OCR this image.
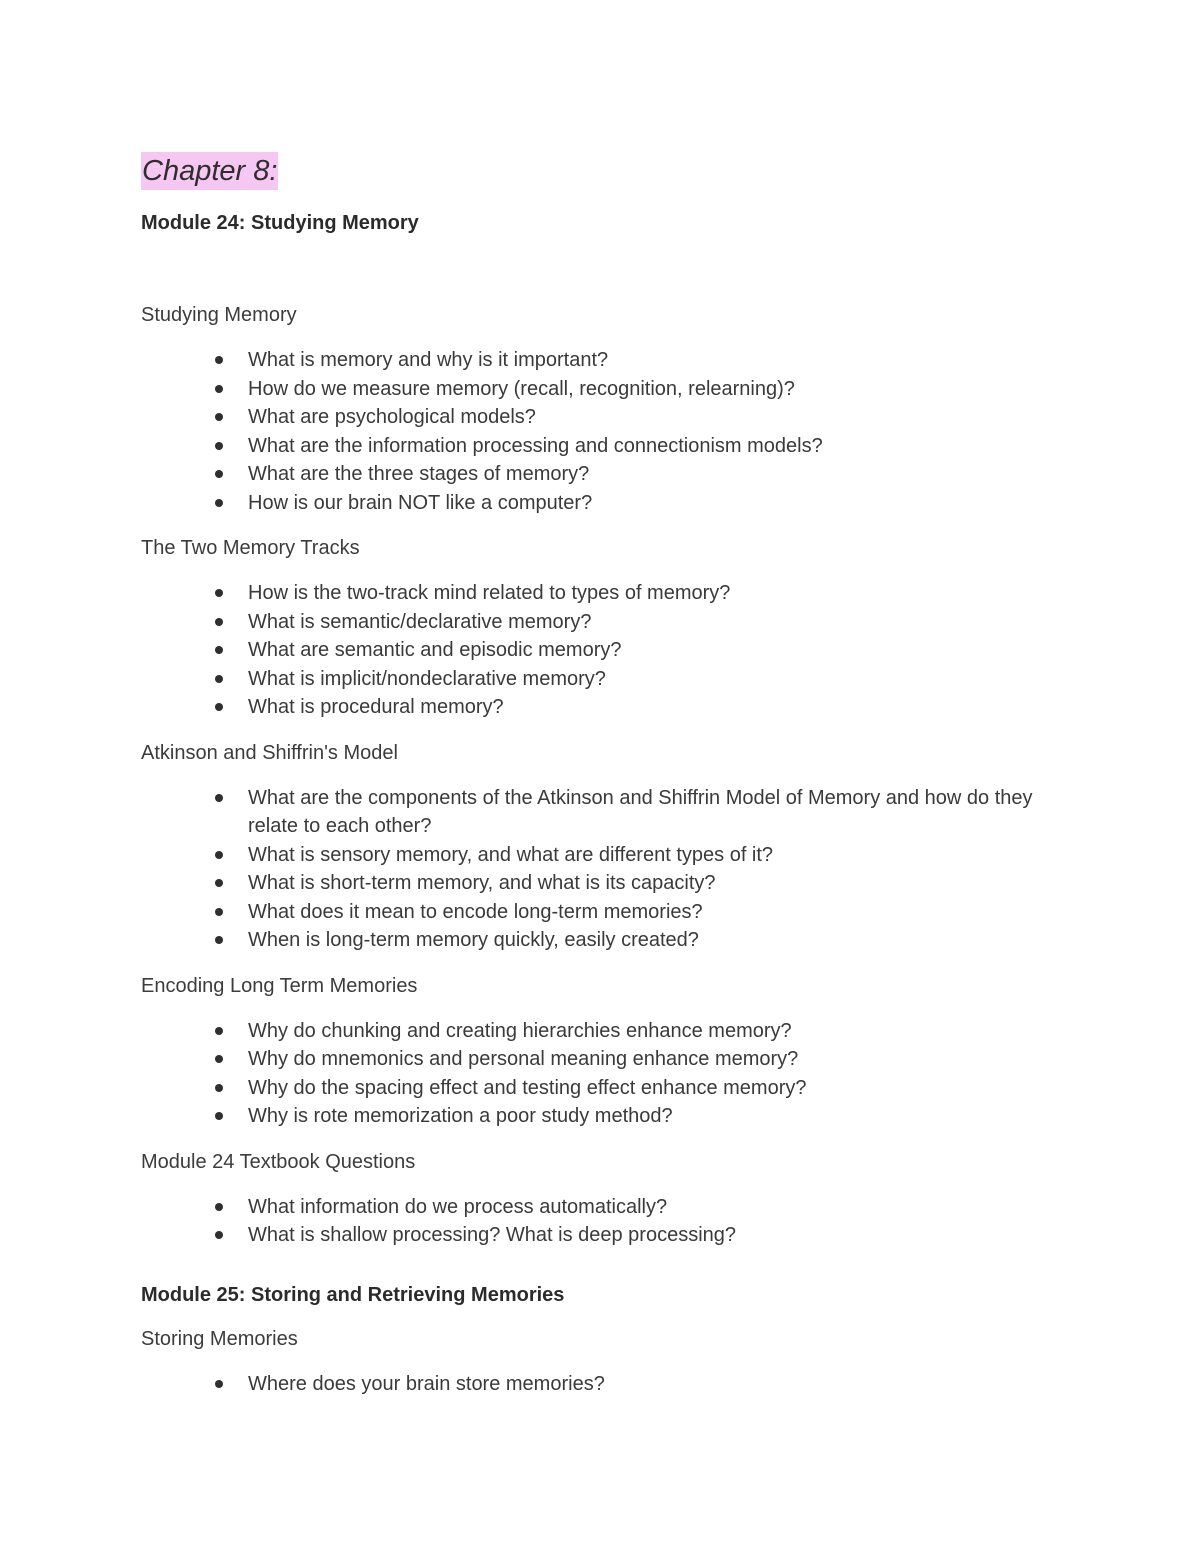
Chapter 8:
Module 24: Studying Memory
Studying Memory
What is memory and why is it important?
How do we measure memory (recall, recognition, relearning)?
What are psychological models?
What are the information processing and connectionism models?
What are the three stages of memory?
How is our brain NOT like a computer?
The Two Memory Tracks
How is the two-track mind related to types of memory?
What is semantic/declarative memory?
What are semantic and episodic memory?
What is implicit/nondeclarative memory?
What is procedural memory?
Atkinson and Shiffrin's Model
What are the components of the Atkinson and Shiffrin Model of Memory and how do they relate to each other?
What is sensory memory, and what are different types of it?
What is short-term memory, and what is its capacity?
What does it mean to encode long-term memories?
When is long-term memory quickly, easily created?
Encoding Long Term Memories
Why do chunking and creating hierarchies enhance memory?
Why do mnemonics and personal meaning enhance memory?
Why do the spacing effect and testing effect enhance memory?
Why is rote memorization a poor study method?
Module 24 Textbook Questions
What information do we process automatically?
What is shallow processing? What is deep processing?
Module 25: Storing and Retrieving Memories
Storing Memories
Where does your brain store memories?
